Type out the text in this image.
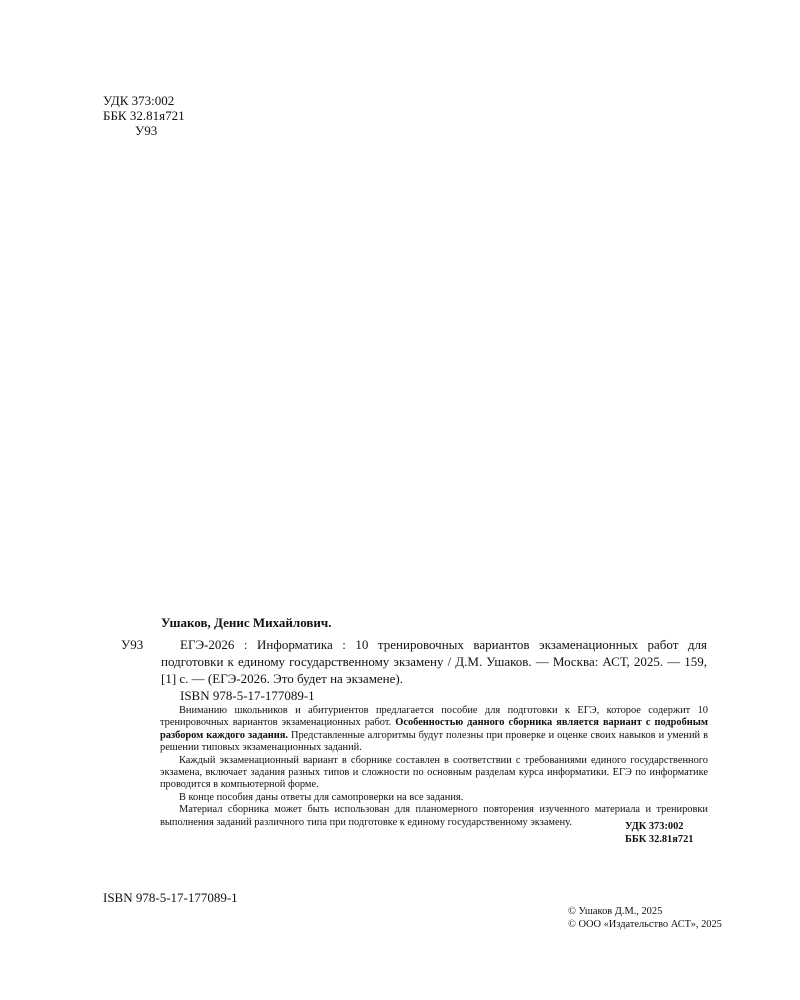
УДК 373:002
ББК 32.81я721
У93
Ушаков, Денис Михайлович.
У93	ЕГЭ-2026 : Информатика : 10 тренировочных вариантов экзаменационных работ для подготовки к единому государственному экзамену / Д.М. Ушаков. — Москва: АСТ, 2025. — 159, [1] с. — (ЕГЭ-2026. Это будет на экзамене).
ISBN 978-5-17-177089-1

Вниманию школьников и абитуриентов предлагается пособие для подготовки к ЕГЭ, которое содержит 10 тренировочных вариантов экзаменационных работ. Особенностью данного сборника является вариант с подробным разбором каждого задания. Представленные алгоритмы будут полезны при проверке и оценке своих навыков и умений в решении типовых экзаменационных заданий.

Каждый экзаменационный вариант в сборнике составлен в соответствии с требованиями единого государственного экзамена, включает задания разных типов и сложности по основным разделам курса информатики. ЕГЭ по информатике проводится в компьютерной форме.

В конце пособия даны ответы для самопроверки на все задания.

Материал сборника может быть использован для планомерного повторения изученного материала и тренировки выполнения заданий различного типа при подготовке к единому государственному экзамену.	УДК 373:002
ББК 32.81я721
ISBN 978-5-17-177089-1
© Ушаков Д.М., 2025
© ООО «Издательство АСТ», 2025
